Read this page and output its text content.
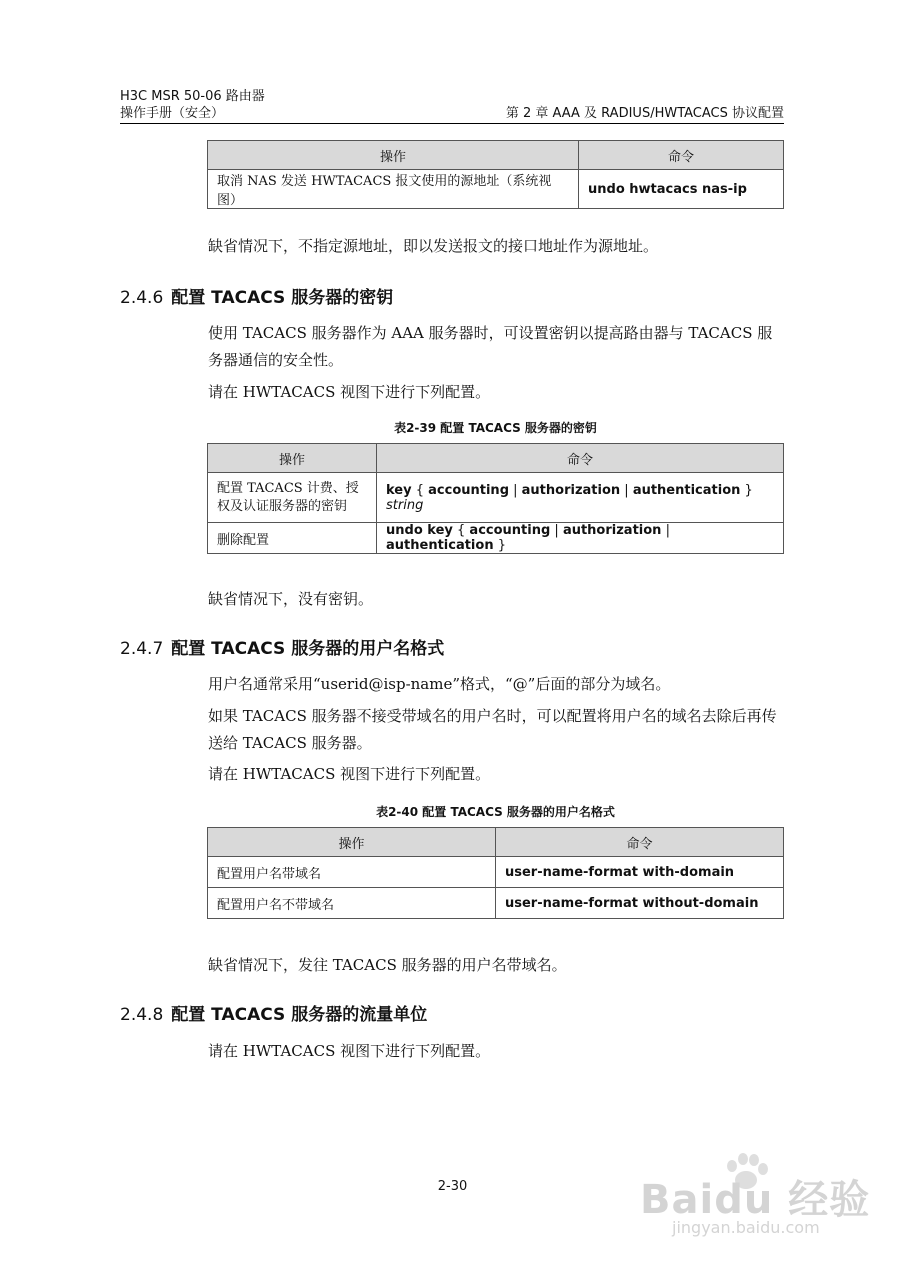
H3C MSR 50-06 路由器
操作手册（安全）	第 2 章 AAA 及 RADIUS/HWTACACS 协议配置
操作	命令
取消 NAS 发送 HWTACACS 报文使用的源地址（系统视图）	undo hwtacacs nas-ip
缺省情况下，不指定源地址，即以发送报文的接口地址作为源地址。
2.4.6 配置 TACACS 服务器的密钥
使用 TACACS 服务器作为 AAA 服务器时，可设置密钥以提高路由器与 TACACS 服务器通信的安全性。
请在 HWTACACS 视图下进行下列配置。
表2-39 配置 TACACS 服务器的密钥
操作	命令
配置 TACACS 计费、授权及认证服务器的密钥	key { accounting | authorization | authentication } string
删除配置	undo key { accounting | authorization | authentication }
缺省情况下，没有密钥。
2.4.7 配置 TACACS 服务器的用户名格式
用户名通常采用“userid@isp-name”格式，“@”后面的部分为域名。
如果 TACACS 服务器不接受带域名的用户名时，可以配置将用户名的域名去除后再传送给 TACACS 服务器。
请在 HWTACACS 视图下进行下列配置。
表2-40 配置 TACACS 服务器的用户名格式
操作	命令
配置用户名带域名	user-name-format with-domain
配置用户名不带域名	user-name-format without-domain
缺省情况下，发往 TACACS 服务器的用户名带域名。
2.4.8 配置 TACACS 服务器的流量单位
请在 HWTACACS 视图下进行下列配置。
2-30	Baidu 经验
jingyan.baidu.com
